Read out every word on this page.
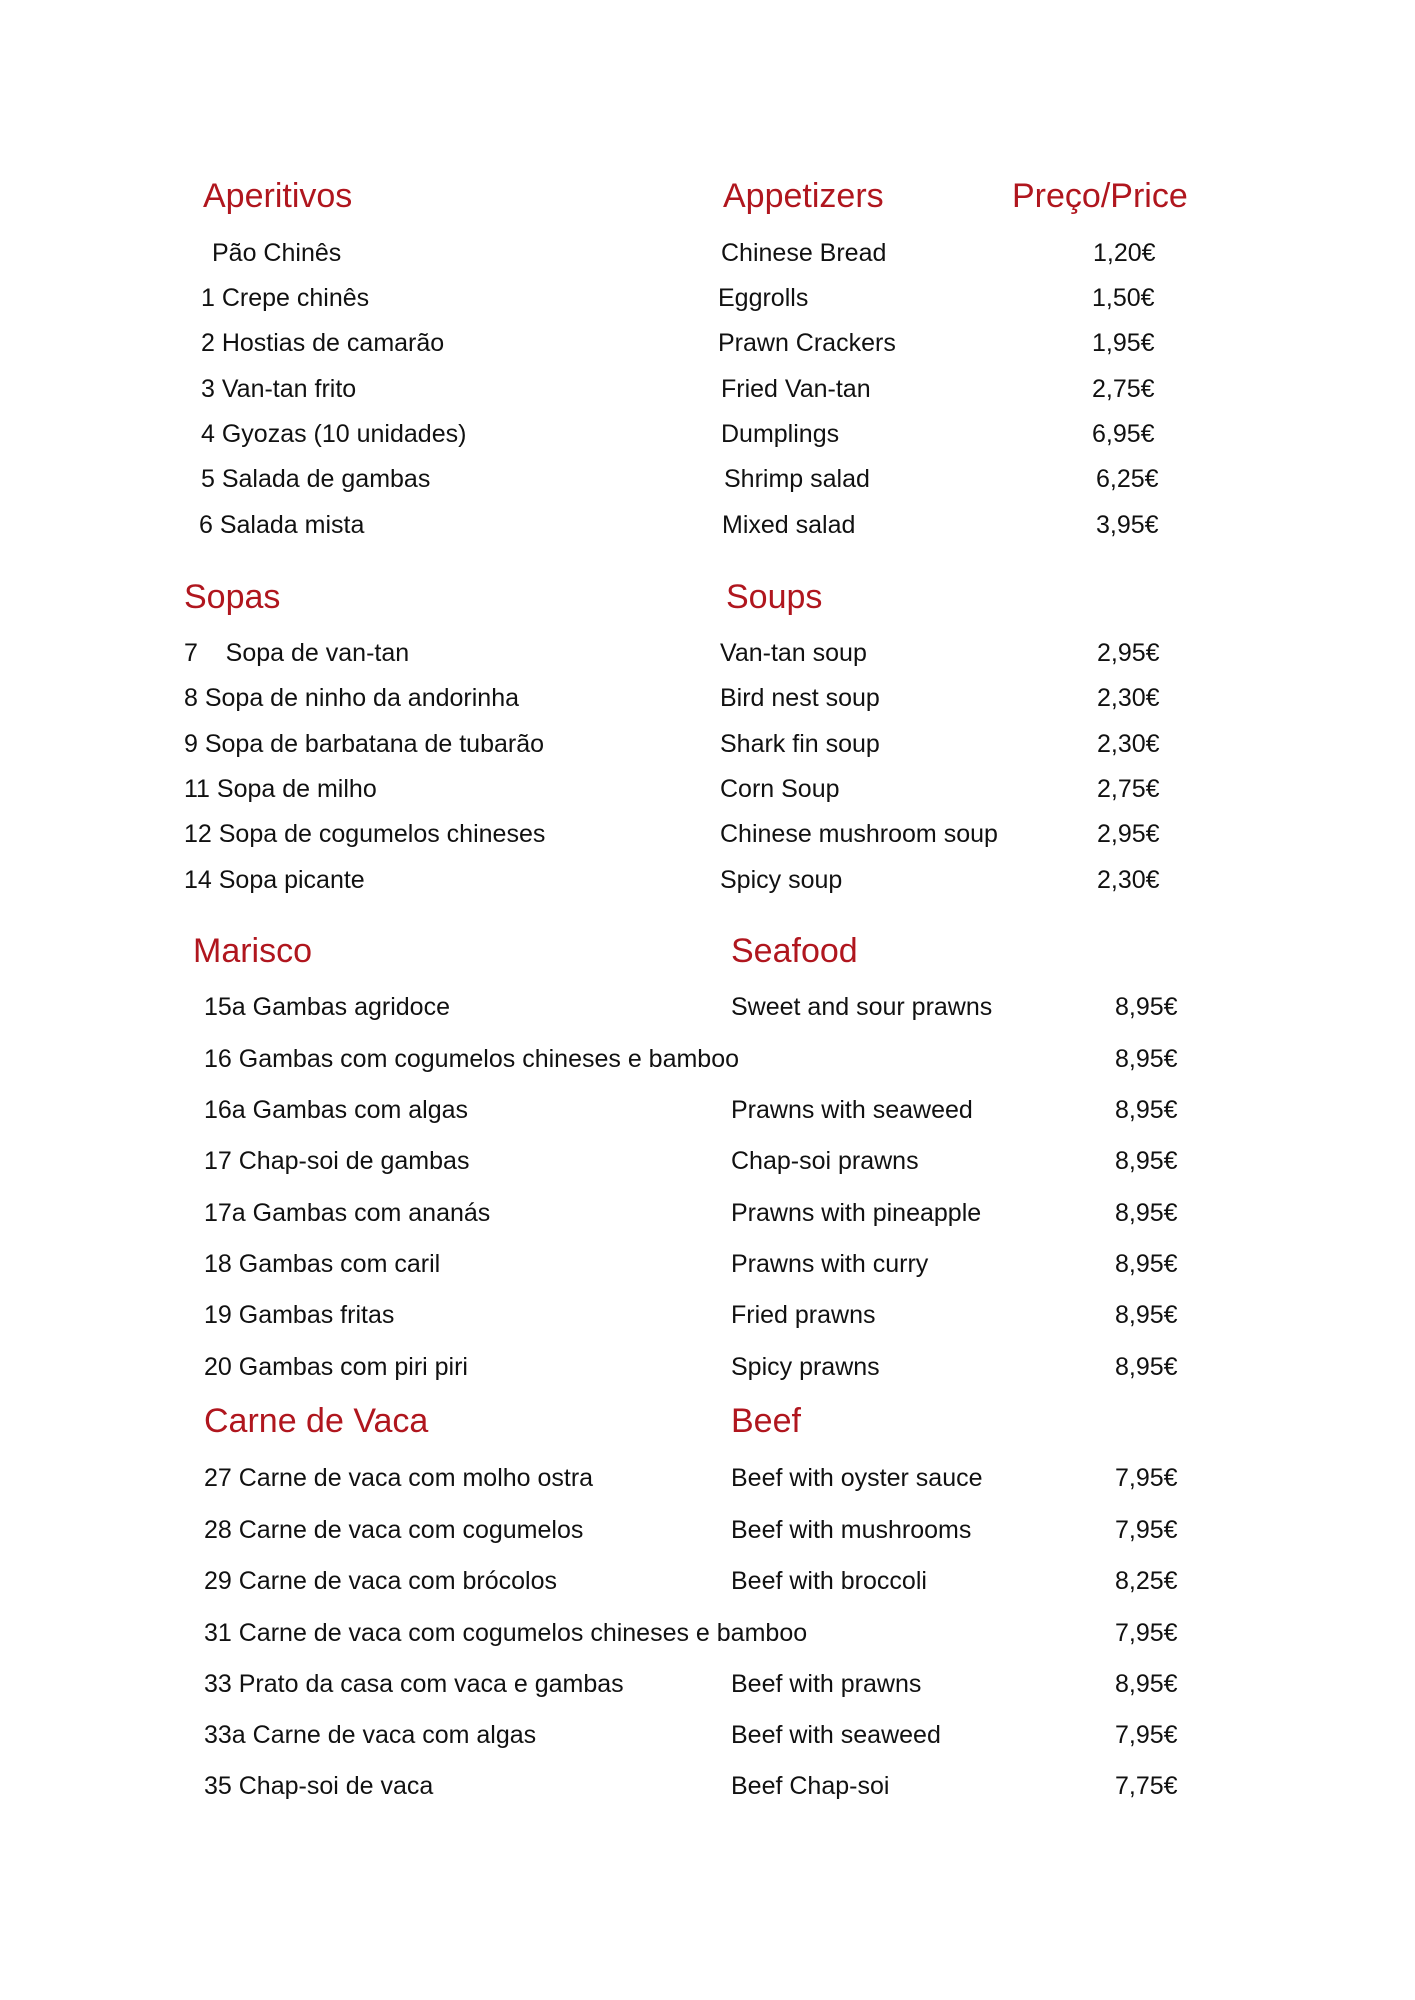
Aperitivos	Appetizers	Preço/Price
Pão Chinês	Chinese Bread	1,20€
1 Crepe chinês	Eggrolls	1,50€
2 Hostias de camarão	Prawn Crackers	1,95€
3 Van-tan frito	Fried Van-tan	2,75€
4 Gyozas (10 unidades)	Dumplings	6,95€
5 Salada de gambas	Shrimp salad	6,25€
6 Salada mista	Mixed salad	3,95€
Sopas	Soups
7    Sopa de van-tan	Van-tan soup	2,95€
8 Sopa de ninho da andorinha	Bird nest soup	2,30€
9 Sopa de barbatana de tubarão	Shark fin soup	2,30€
11 Sopa de milho	Corn Soup	2,75€
12 Sopa de cogumelos chineses	Chinese mushroom soup	2,95€
14 Sopa picante	Spicy soup	2,30€
Marisco	Seafood
15a Gambas agridoce	Sweet and sour prawns	8,95€
16 Gambas com cogumelos chineses e bamboo	8,95€
16a Gambas com algas	Prawns with seaweed	8,95€
17 Chap-soi de gambas	Chap-soi prawns	8,95€
17a Gambas com ananás	Prawns with pineapple	8,95€
18 Gambas com caril	Prawns with curry	8,95€
19 Gambas fritas	Fried prawns	8,95€
20 Gambas com piri piri	Spicy prawns	8,95€
Carne de Vaca	Beef
27 Carne de vaca com molho ostra	Beef with oyster sauce	7,95€
28 Carne de vaca com cogumelos	Beef with mushrooms	7,95€
29 Carne de vaca com brócolos	Beef with broccoli	8,25€
31 Carne de vaca com cogumelos chineses e bamboo	7,95€
33 Prato da casa com vaca e gambas	Beef with prawns	8,95€
33a Carne de vaca com algas	Beef with seaweed	7,95€
35 Chap-soi de vaca	Beef Chap-soi	7,75€
